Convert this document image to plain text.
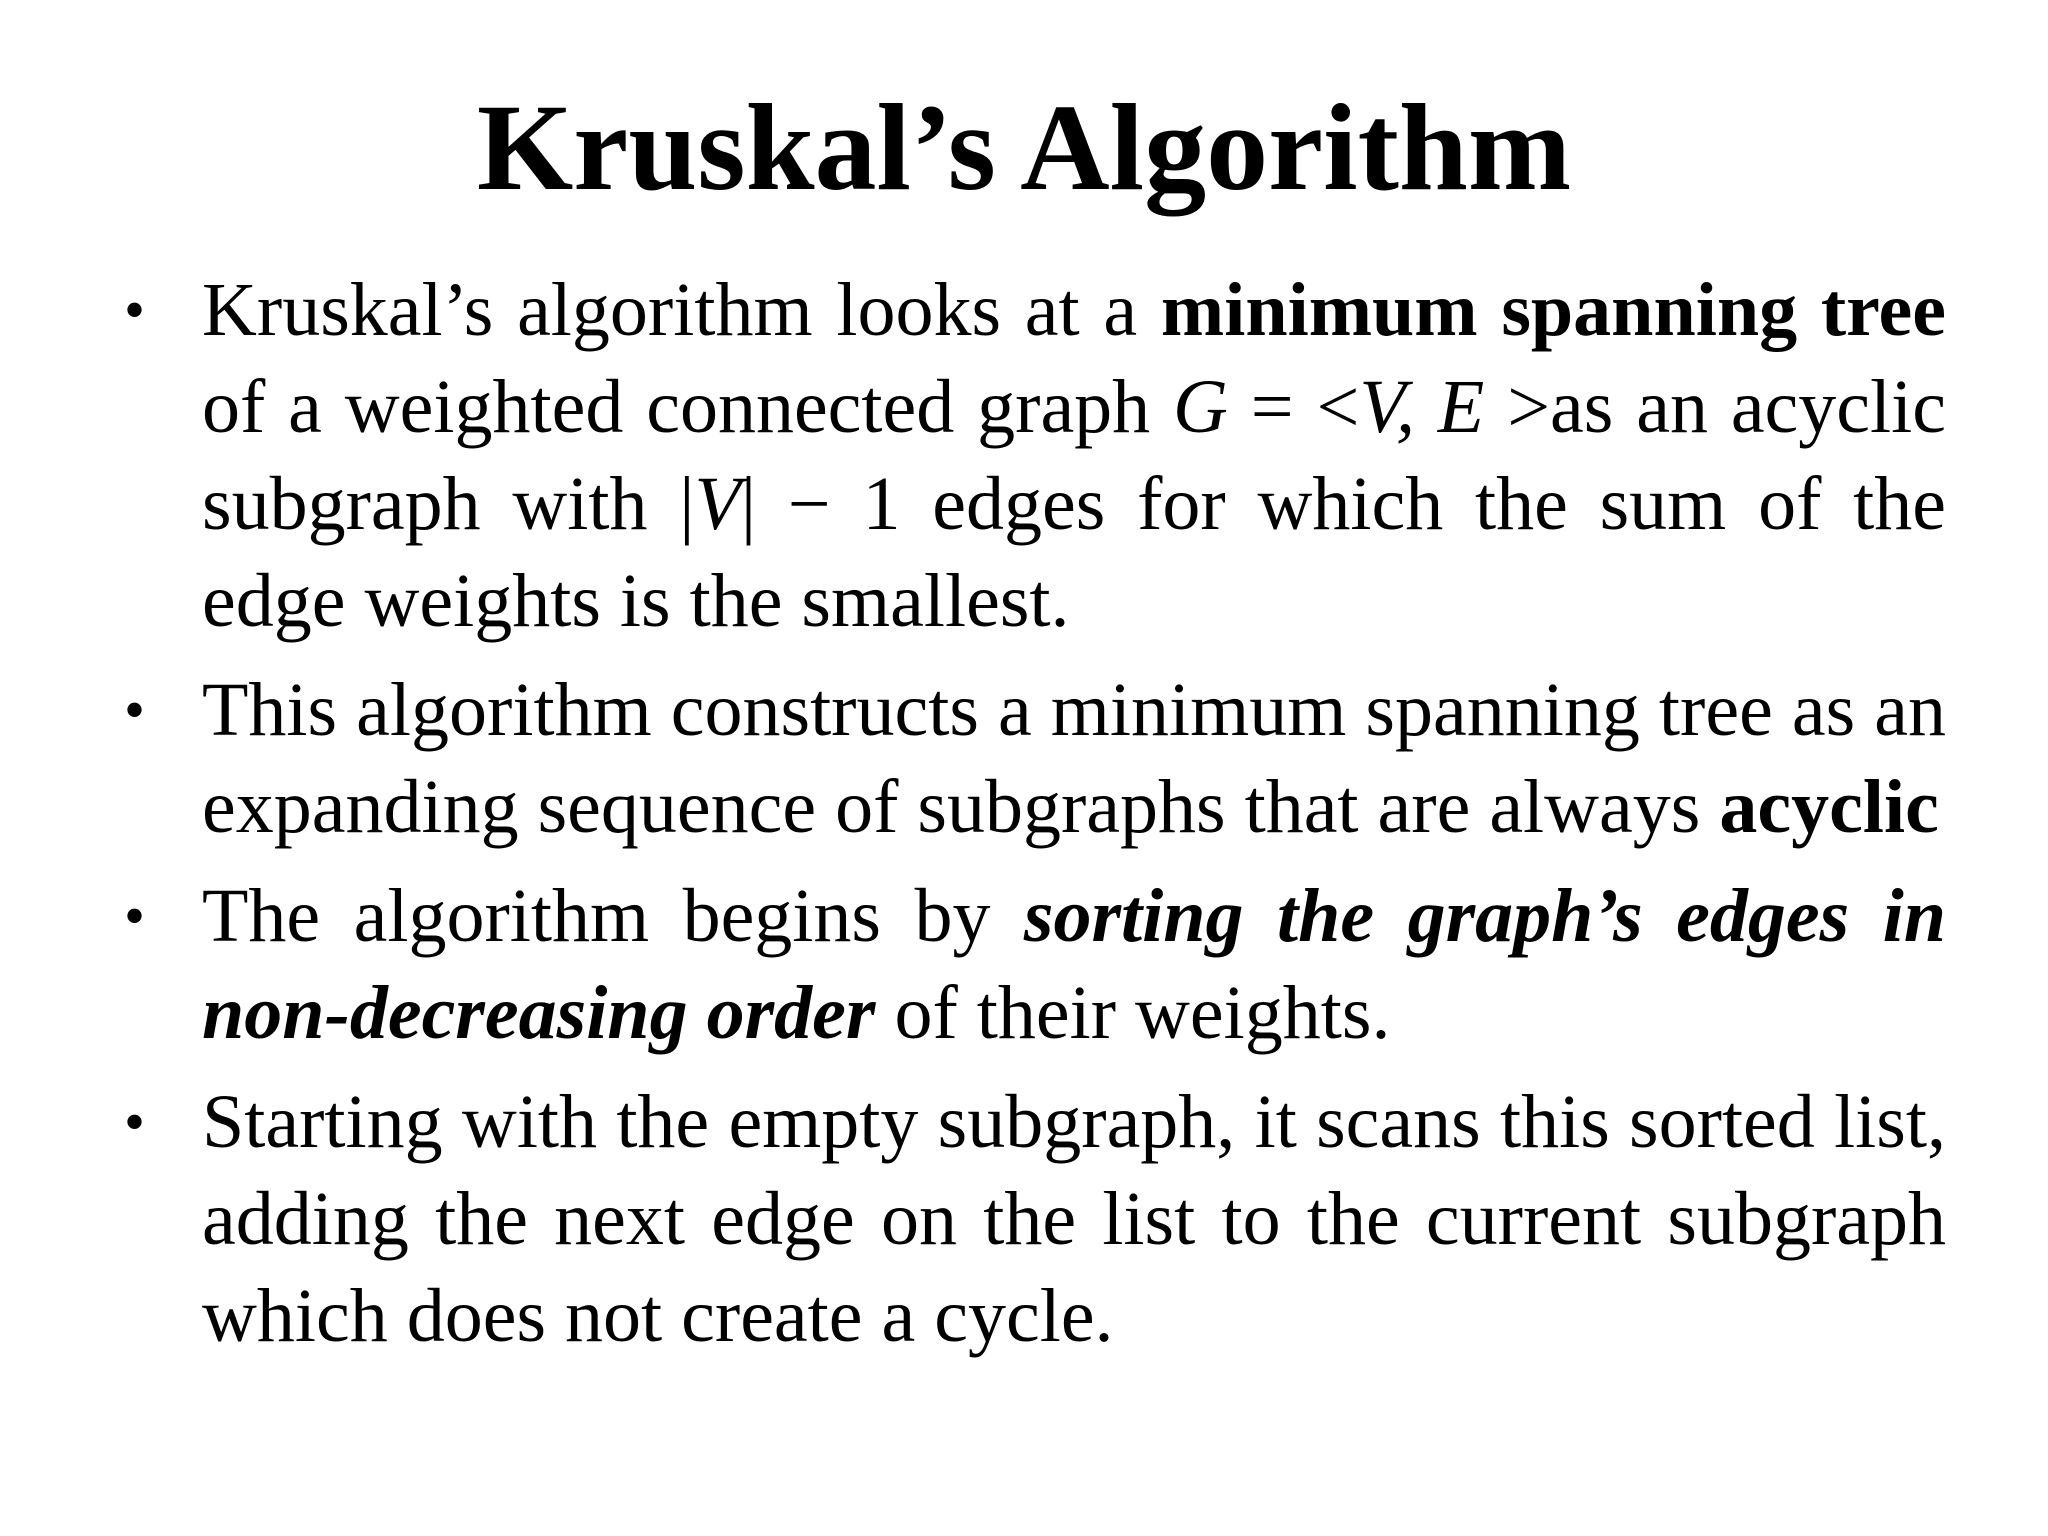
Kruskal’s Algorithm
• Kruskal’s algorithm looks at a minimum spanning tree of a weighted connected graph G = <V, E >as an acyclic subgraph with |V| − 1 edges for which the sum of the edge weights is the smallest.
• This algorithm constructs a minimum spanning tree as an expanding sequence of subgraphs that are always acyclic
• The algorithm begins by sorting the graph’s edges in non-decreasing order of their weights.
• Starting with the empty subgraph, it scans this sorted list, adding the next edge on the list to the current subgraph which does not create a cycle.
